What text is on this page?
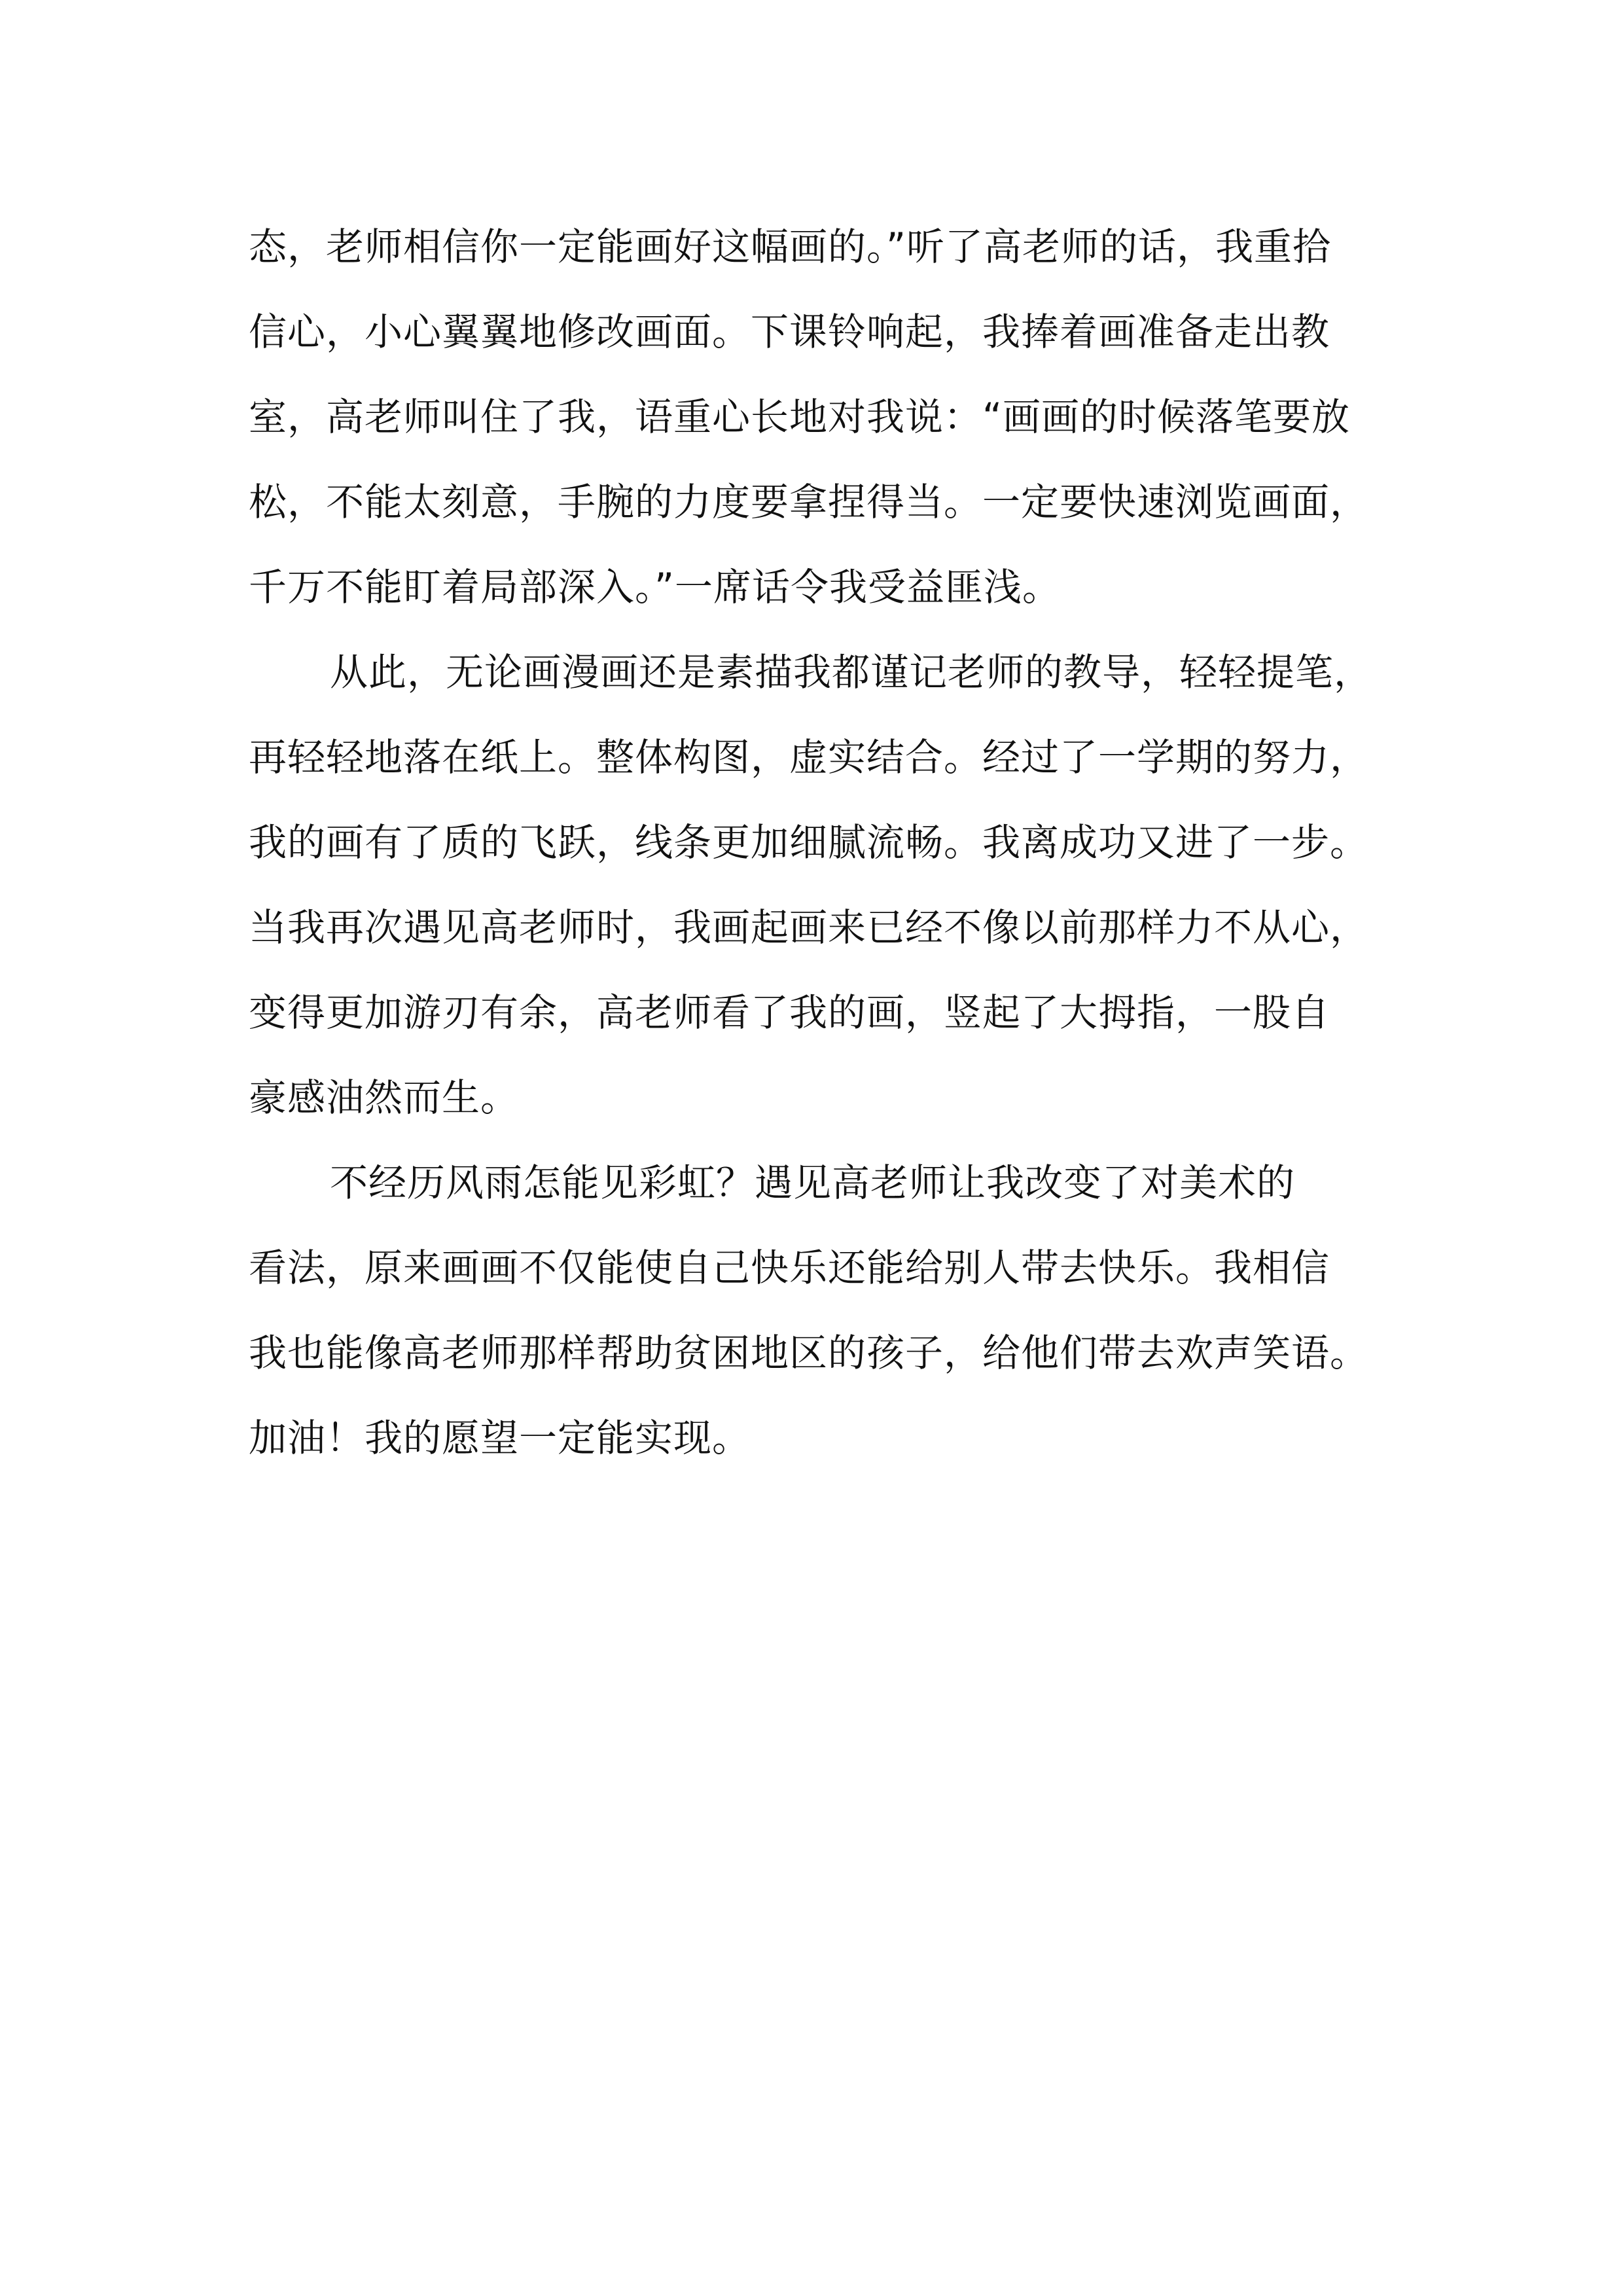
态，老师相信你一定能画好这幅画的。”听了高老师的话，我重拾
信心，小心翼翼地修改画面。下课铃响起，我捧着画准备走出教
室，高老师叫住了我，语重心长地对我说：“画画的时候落笔要放
松，不能太刻意，手腕的力度要拿捏得当。一定要快速浏览画面，
千万不能盯着局部深入。”一席话令我受益匪浅。
从此，无论画漫画还是素描我都谨记老师的教导，轻轻提笔，
再轻轻地落在纸上。整体构图，虚实结合。经过了一学期的努力，
我的画有了质的飞跃，线条更加细腻流畅。我离成功又进了一步。
当我再次遇见高老师时，我画起画来已经不像以前那样力不从心，
变得更加游刃有余，高老师看了我的画，竖起了大拇指，一股自
豪感油然而生。
不经历风雨怎能见彩虹？遇见高老师让我改变了对美术的
看法，原来画画不仅能使自己快乐还能给别人带去快乐。我相信
我也能像高老师那样帮助贫困地区的孩子，给他们带去欢声笑语。
加油！我的愿望一定能实现。
